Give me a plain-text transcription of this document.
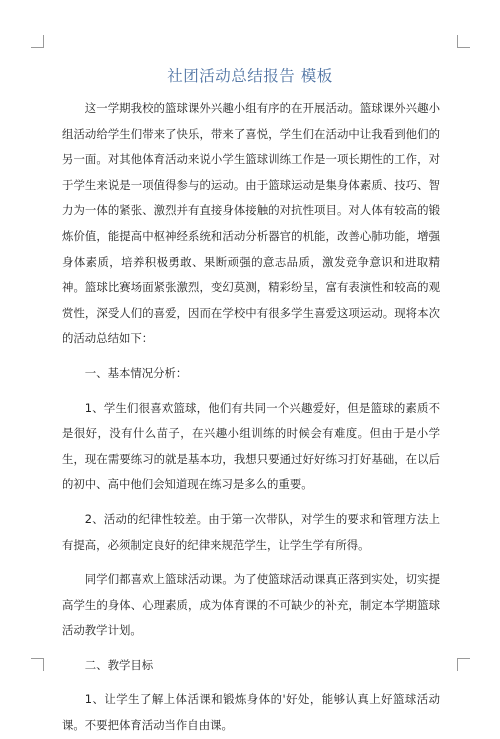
社团活动总结报告 模板

这一学期我校的篮球课外兴趣小组有序的在开展活动。篮球课外兴趣小组活动给学生们带来了快乐，带来了喜悦，学生们在活动中让我看到他们的另一面。对其他体育活动来说小学生篮球训练工作是一项长期性的工作，对于学生来说是一项值得参与的运动。由于篮球运动是集身体素质、技巧、智力为一体的紧张、激烈并有直接身体接触的对抗性项目。对人体有较高的锻炼价值，能提高中枢神经系统和活动分析器官的机能，改善心肺功能，增强身体素质，培养积极勇敢、果断顽强的意志品质，激发竞争意识和进取精神。篮球比赛场面紧张激烈，变幻莫测，精彩纷呈，富有表演性和较高的观赏性，深受人们的喜爱，因而在学校中有很多学生喜爱这项运动。现将本次的活动总结如下：

一、基本情况分析：

1、学生们很喜欢篮球，他们有共同一个兴趣爱好，但是篮球的素质不是很好，没有什么苗子，在兴趣小组训练的时候会有难度。但由于是小学生，现在需要练习的就是基本功，我想只要通过好好练习打好基础，在以后的初中、高中他们会知道现在练习是多么的重要。

2、活动的纪律性较差。由于第一次带队，对学生的要求和管理方法上有提高，必须制定良好的纪律来规范学生，让学生学有所得。

同学们都喜欢上篮球活动课。为了使篮球活动课真正落到实处，切实提高学生的身体、心理素质，成为体育课的不可缺少的补充，制定本学期篮球活动教学计划。

二、教学目标

1、让学生了解上体活课和锻炼身体的'好处，能够认真上好篮球活动课。不要把体育活动当作自由课。
